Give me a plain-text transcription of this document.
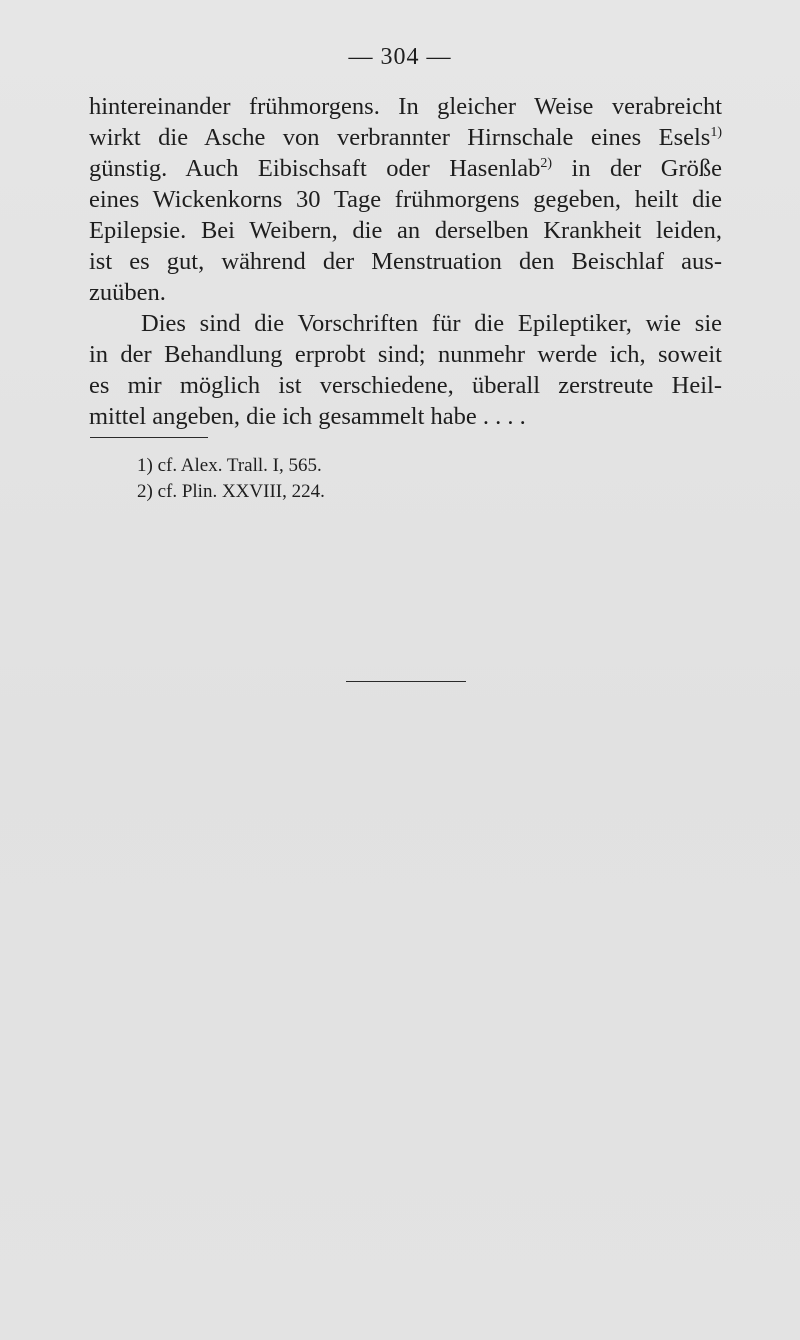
— 304 —
hintereinander frühmorgens. In gleicher Weise verabreicht
wirkt die Asche von verbrannter Hirnschale eines Esels$^{1)}$
günstig. Auch Eibischsaft oder Hasenlab$^{2)}$ in der Größe
eines Wickenkorns 30 Tage frühmorgens gegeben, heilt die
Epilepsie. Bei Weibern, die an derselben Krankheit leiden,
ist es gut, während der Menstruation den Beischlaf aus-
zuüben.
Dies sind die Vorschriften für die Epileptiker, wie sie
in der Behandlung erprobt sind; nunmehr werde ich, soweit
es mir möglich ist verschiedene, überall zerstreute Heil-
mittel angeben, die ich gesammelt habe . . . .
1) cf. Alex. Trall. I, 565.
2) cf. Plin. XXVIII, 224.
